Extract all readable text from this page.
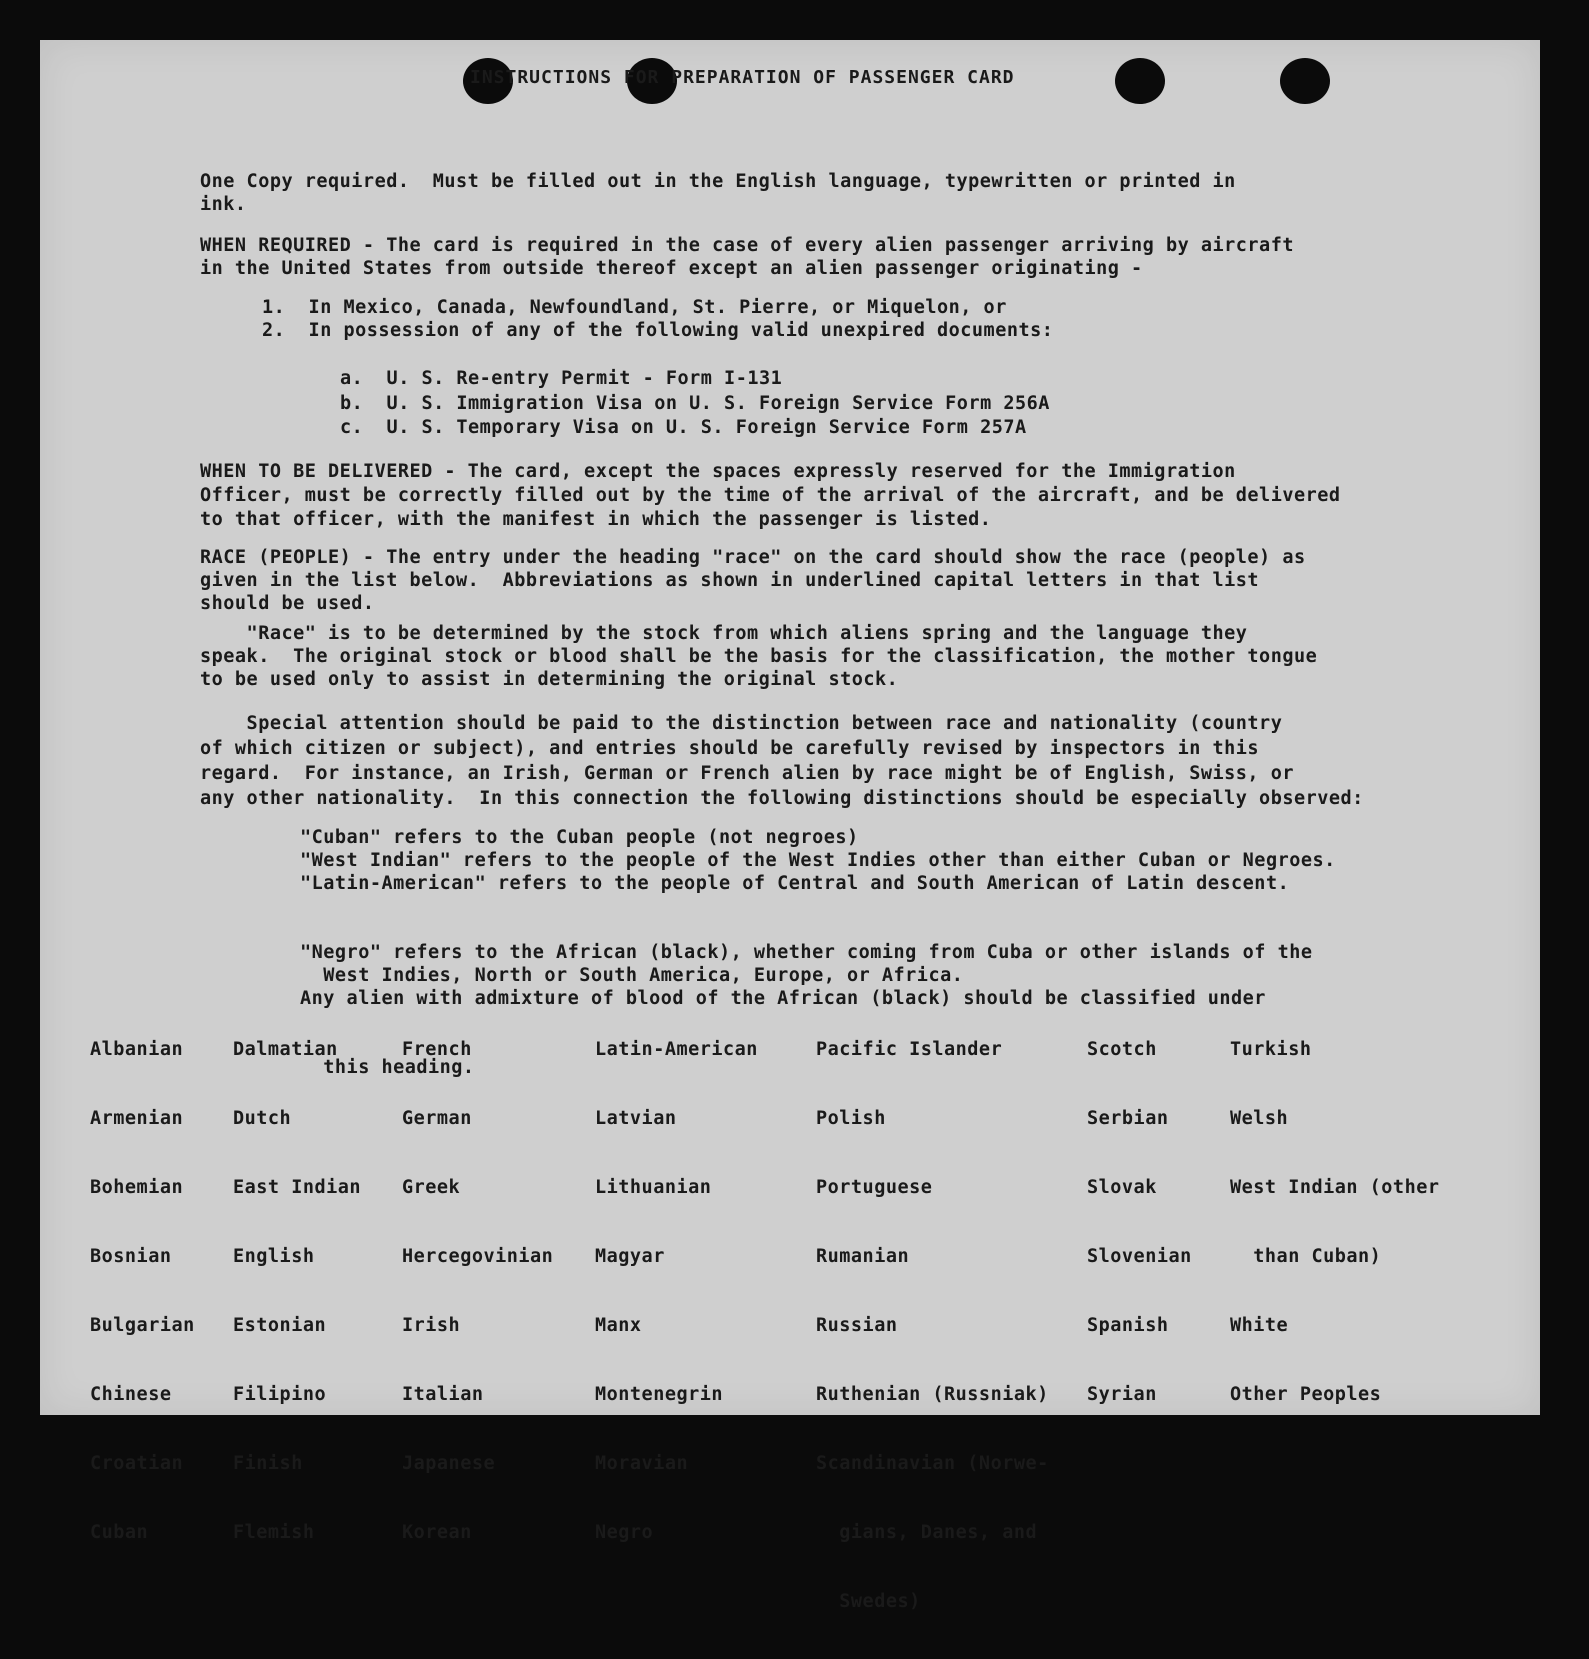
INSTRUCTIONS FOR PREPARATION OF PASSENGER CARD

One Copy required.  Must be filled out in the English language, typewritten or printed in
ink.

WHEN REQUIRED - The card is required in the case of every alien passenger arriving by aircraft
in the United States from outside thereof except an alien passenger originating -

1.  In Mexico, Canada, Newfoundland, St. Pierre, or Miquelon, or
2.  In possession of any of the following valid unexpired documents:

a.  U. S. Re-entry Permit - Form I-131
b.  U. S. Immigration Visa on U. S. Foreign Service Form 256A
c.  U. S. Temporary Visa on U. S. Foreign Service Form 257A

WHEN TO BE DELIVERED - The card, except the spaces expressly reserved for the Immigration
Officer, must be correctly filled out by the time of the arrival of the aircraft, and be delivered
to that officer, with the manifest in which the passenger is listed.

RACE (PEOPLE) - The entry under the heading "race" on the card should show the race (people) as
given in the list below.  Abbreviations as shown in underlined capital letters in that list
should be used.

"Race" is to be determined by the stock from which aliens spring and the language they
speak.  The original stock or blood shall be the basis for the classification, the mother tongue
to be used only to assist in determining the original stock.

Special attention should be paid to the distinction between race and nationality (country
of which citizen or subject), and entries should be carefully revised by inspectors in this
regard.  For instance, an Irish, German or French alien by race might be of English, Swiss, or
any other nationality.  In this connection the following distinctions should be especially observed:

"Cuban" refers to the Cuban people (not negroes)
"West Indian" refers to the people of the West Indies other than either Cuban or Negroes.
"Latin-American" refers to the people of Central and South American of Latin descent.

"Negro" refers to the African (black), whether coming from Cuba or other islands of the
West Indies, North or South America, Europe, or Africa.
Any alien with admixture of blood of the African (black) should be classified under

this heading.

Albanian

Armenian

Bohemian

Bosnian

Bulgarian

Chinese

Croatian

Cuban

Dalmatian

Dutch

East Indian

English

Estonian

Filipino

Finish

Flemish

French

German

Greek

Hercegovinian

Irish

Italian

Japanese

Korean

Latin-American

Latvian

Lithuanian

Magyar

Manx

Montenegrin

Moravian

Negro

Pacific Islander

Polish

Portuguese

Rumanian

Russian

Ruthenian (Russniak)

Scandinavian (Norwe-

gians, Danes, and

Swedes)

Scotch

Serbian

Slovak

Slovenian

Spanish

Syrian

Turkish

Welsh

West Indian (other

than Cuban)

White

Other Peoples
